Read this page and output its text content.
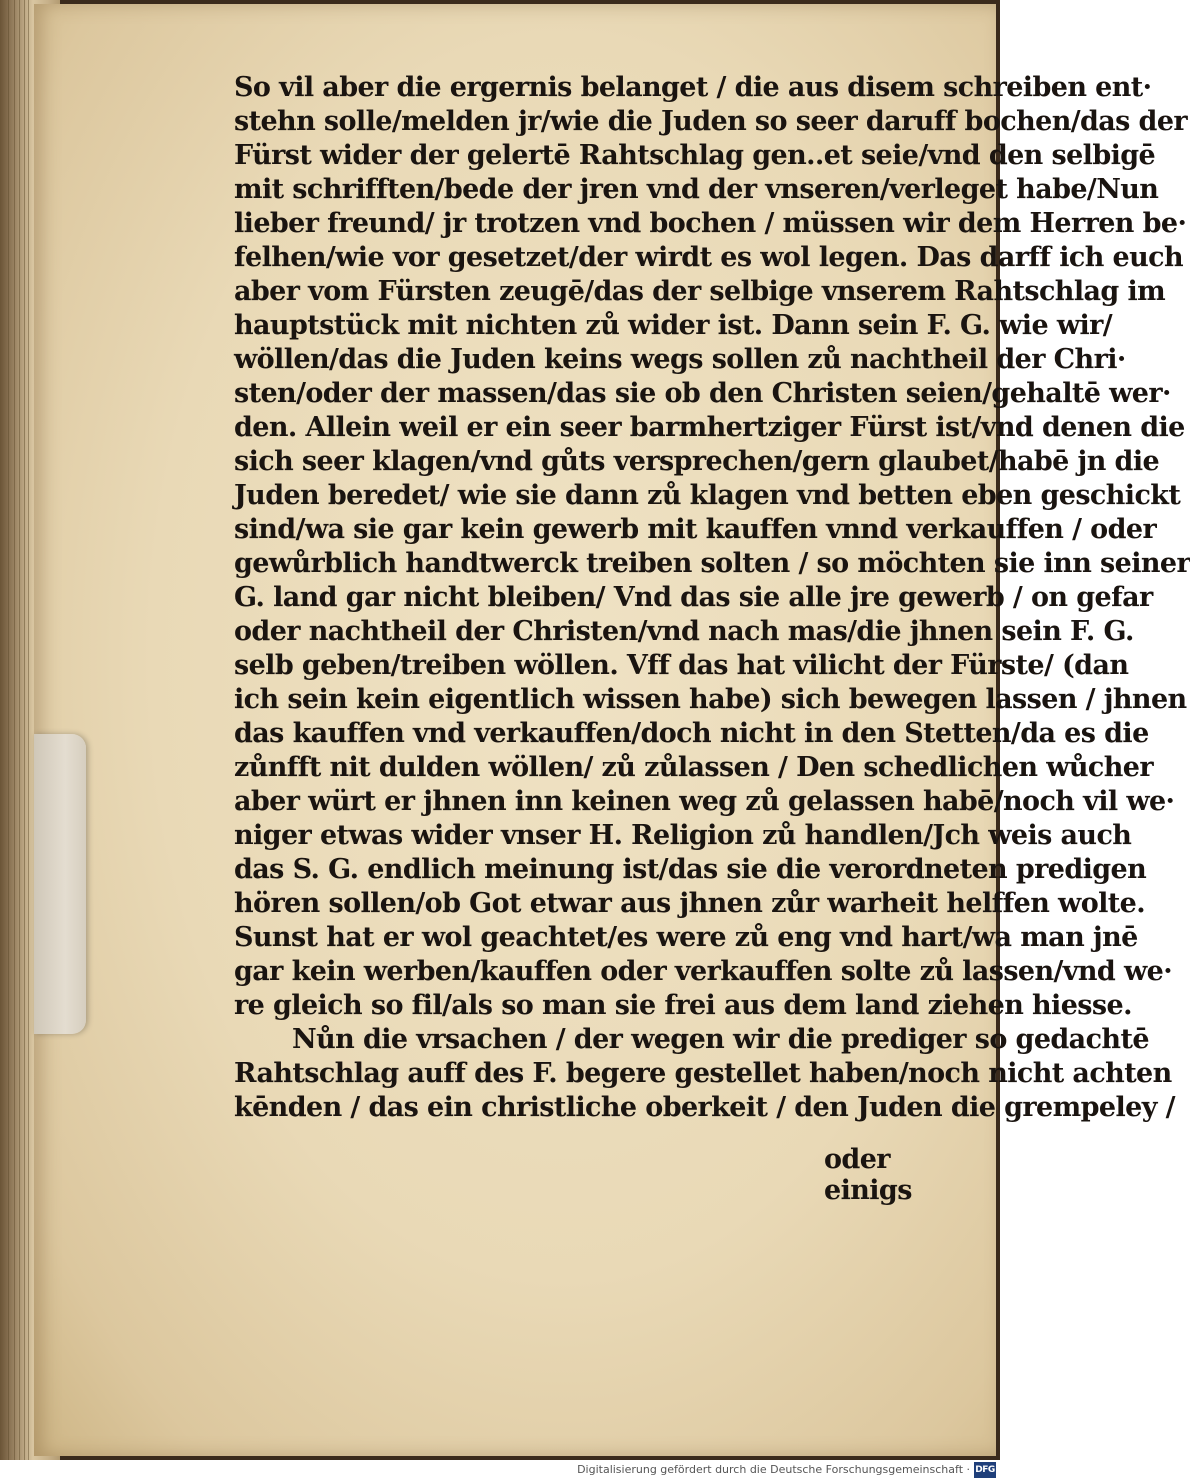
So vil aber die ergernis belanget / die aus disem schreiben ent·
stehn solle/melden jr/wie die Juden so seer daruff bochen/das der
Fürst wider der gelertē Rahtschlag gen‥et seie/vnd den selbigē
mit schrifften/bede der jren vnd der vnseren/verleget habe/Nun
lieber freund/ jr trotzen vnd bochen / müssen wir dem Herren be·
felhen/wie vor gesetzet/der wirdt es wol legen. Das darff ich euch
aber vom Fürsten zeugē/das der selbige vnserem Rahtschlag im
hauptstück mit nichten zů wider ist. Dann sein F. G. wie wir/
wöllen/das die Juden keins wegs sollen zů nachtheil der Chri·
sten/oder der massen/das sie ob den Christen seien/gehaltē wer·
den. Allein weil er ein seer barmhertziger Fürst ist/vnd denen die
sich seer klagen/vnd gůts versprechen/gern glaubet/habē jn die
Juden beredet/ wie sie dann zů klagen vnd betten eben geschickt
sind/wa sie gar kein gewerb mit kauffen vnnd verkauffen / oder
gewůrblich handtwerck treiben solten / so möchten sie inn seiner
G. land gar nicht bleiben/ Vnd das sie alle jre gewerb / on gefar
oder nachtheil der Christen/vnd nach mas/die jhnen sein F. G.
selb geben/treiben wöllen. Vff das hat vilicht der Fürste/ (dan
ich sein kein eigentlich wissen habe) sich bewegen lassen / jhnen
das kauffen vnd verkauffen/doch nicht in den Stetten/da es die
zůnfft nit dulden wöllen/ zů zůlassen / Den schedlichen wůcher
aber würt er jhnen inn keinen weg zů gelassen habē/noch vil we·
niger etwas wider vnser H. Religion zů handlen/Jch weis auch
das S. G. endlich meinung ist/das sie die verordneten predigen
hören sollen/ob Got etwar aus jhnen zůr warheit helffen wolte.
Sunst hat er wol geachtet/es were zů eng vnd hart/wa man jnē
gar kein werben/kauffen oder verkauffen solte zů lassen/vnd we·
re gleich so fil/als so man sie frei aus dem land ziehen hiesse.
Nůn die vrsachen / der wegen wir die prediger so gedachtē
Rahtschlag auff des F. begere gestellet haben/noch nicht achten
kēnden / das ein christliche oberkeit / den Juden die grempeley /
oder einigs
Digitalisierung gefördert durch die Deutsche Forschungsgemeinschaft · DFG
